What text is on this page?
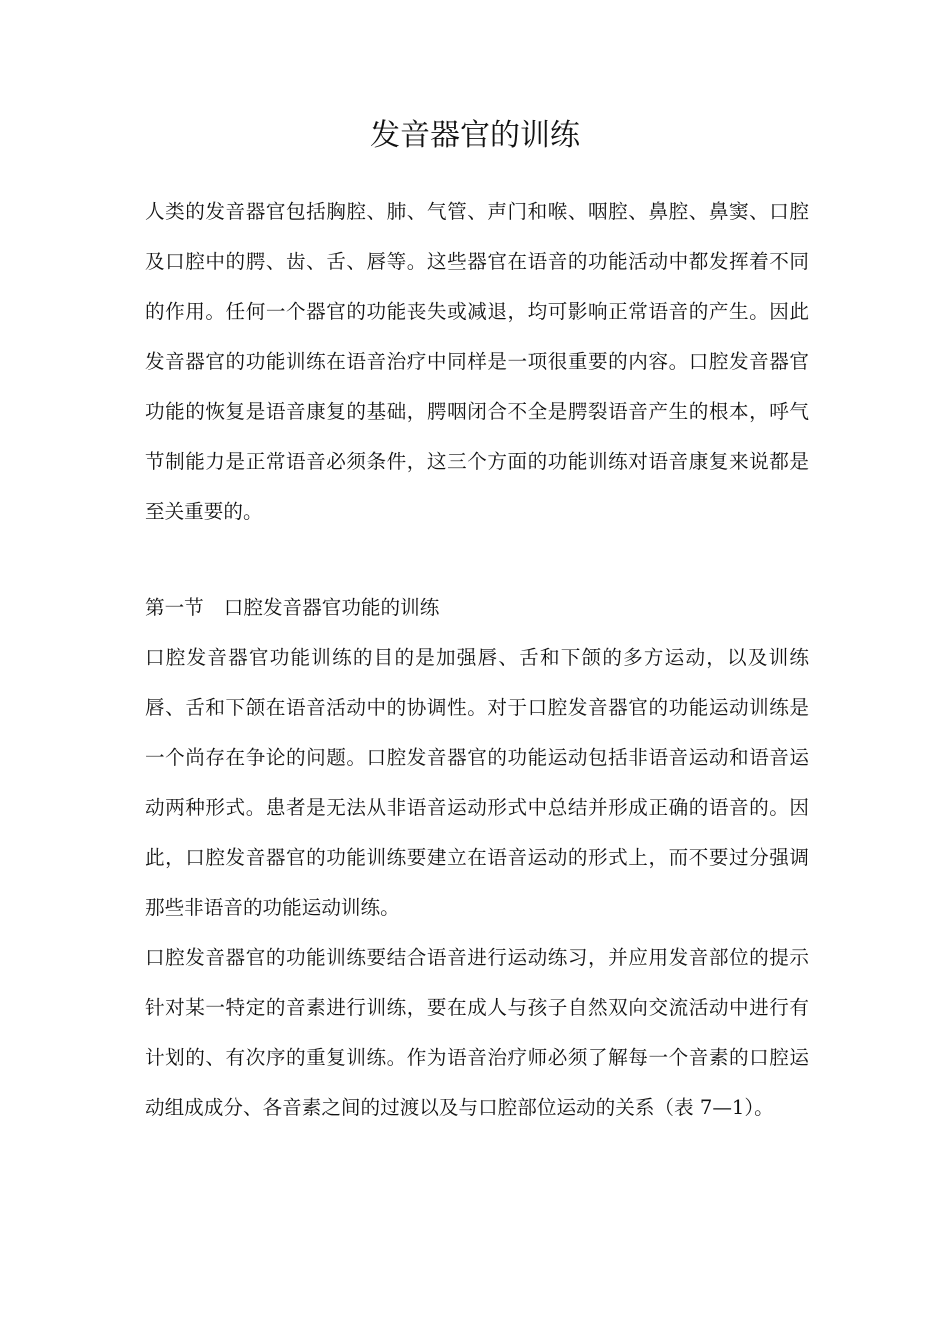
发音器官的训练
人类的发音器官包括胸腔、肺、气管、声门和喉、咽腔、鼻腔、鼻窦、口腔及口腔中的腭、齿、舌、唇等。这些器官在语音的功能活动中都发挥着不同的作用。任何一个器官的功能丧失或减退，均可影响正常语音的产生。因此发音器官的功能训练在语音治疗中同样是一项很重要的内容。口腔发音器官功能的恢复是语音康复的基础，腭咽闭合不全是腭裂语音产生的根本，呼气节制能力是正常语音必须条件，这三个方面的功能训练对语音康复来说都是至关重要的。
第一节 口腔发音器官功能的训练
口腔发音器官功能训练的目的是加强唇、舌和下颌的多方运动，以及训练唇、舌和下颌在语音活动中的协调性。对于口腔发音器官的功能运动训练是一个尚存在争论的问题。口腔发音器官的功能运动包括非语音运动和语音运动两种形式。患者是无法从非语音运动形式中总结并形成正确的语音的。因此，口腔发音器官的功能训练要建立在语音运动的形式上，而不要过分强调那些非语音的功能运动训练。
口腔发音器官的功能训练要结合语音进行运动练习，并应用发音部位的提示针对某一特定的音素进行训练，要在成人与孩子自然双向交流活动中进行有计划的、有次序的重复训练。作为语音治疗师必须了解每一个音素的口腔运动组成成分、各音素之间的过渡以及与口腔部位运动的关系（表 7—1）。
